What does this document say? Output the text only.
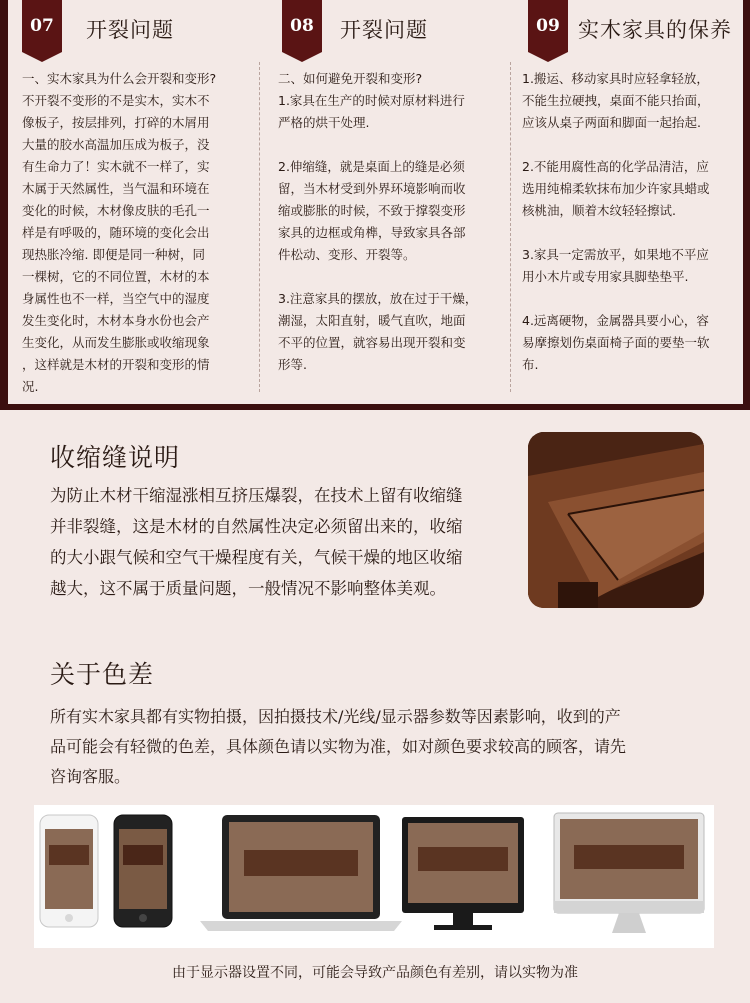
07	开裂问题

一、实木家具为什么会开裂和变形?

不开裂不变形的不是实木，实木不

像板子，按层排列，打碎的木屑用

大量的胶水高温加压成为板子，没

有生命力了！实木就不一样了，实

木属于天然属性，当气温和环境在

变化的时候，木材像皮肤的毛孔一

样是有呼吸的，随环境的变化会出

现热胀冷缩. 即便是同一种树，同

一棵树，它的不同位置，木材的本

身属性也不一样，当空气中的湿度

发生变化时，木材本身水份也会产

生变化，从而发生膨胀或收缩现象

，这样就是木材的开裂和变形的情

况.

08	开裂问题

二、如何避免开裂和变形?

1.家具在生产的时候对原材料进行

严格的烘干处理.

2.伸缩缝，就是桌面上的缝是必须

留，当木材受到外界环境影响而收

缩或膨胀的时候，不致于撑裂变形

家具的边框或角榫，导致家具各部

件松动、变形、开裂等。

3.注意家具的摆放，放在过于干燥，

潮湿，太阳直射，暖气直吹，地面

不平的位置，就容易出现开裂和变

形等.

09 实木家具的保养

1.搬运、移动家具时应轻拿轻放，

不能生拉硬拽，桌面不能只抬面，

应该从桌子两面和脚面一起抬起.

2.不能用腐性高的化学品清洁，应

选用纯棉柔软抹布加少许家具蜡或

核桃油，顺着木纹轻轻擦试.

3.家具一定需放平，如果地不平应

用小木片或专用家具脚垫垫平.

4.远离硬物，金属器具要小心，容

易摩擦划伤桌面椅子面的要垫一软

布.

收缩缝说明

为防止木材干缩湿涨相互挤压爆裂，在技术上留有收缩缝

并非裂缝，这是木材的自然属性决定必须留出来的，收缩

的大小跟气候和空气干燥程度有关，气候干燥的地区收缩

越大，这不属于质量问题，一般情况不影响整体美观。

关于色差

所有实木家具都有实物拍摄，因拍摄技术/光线/显示器参数等因素影响，收到的产

品可能会有轻微的色差，具体颜色请以实物为准，如对颜色要求较高的顾客，请先

咨询客服。

由于显示器设置不同，可能会导致产品颜色有差别，请以实物为准
